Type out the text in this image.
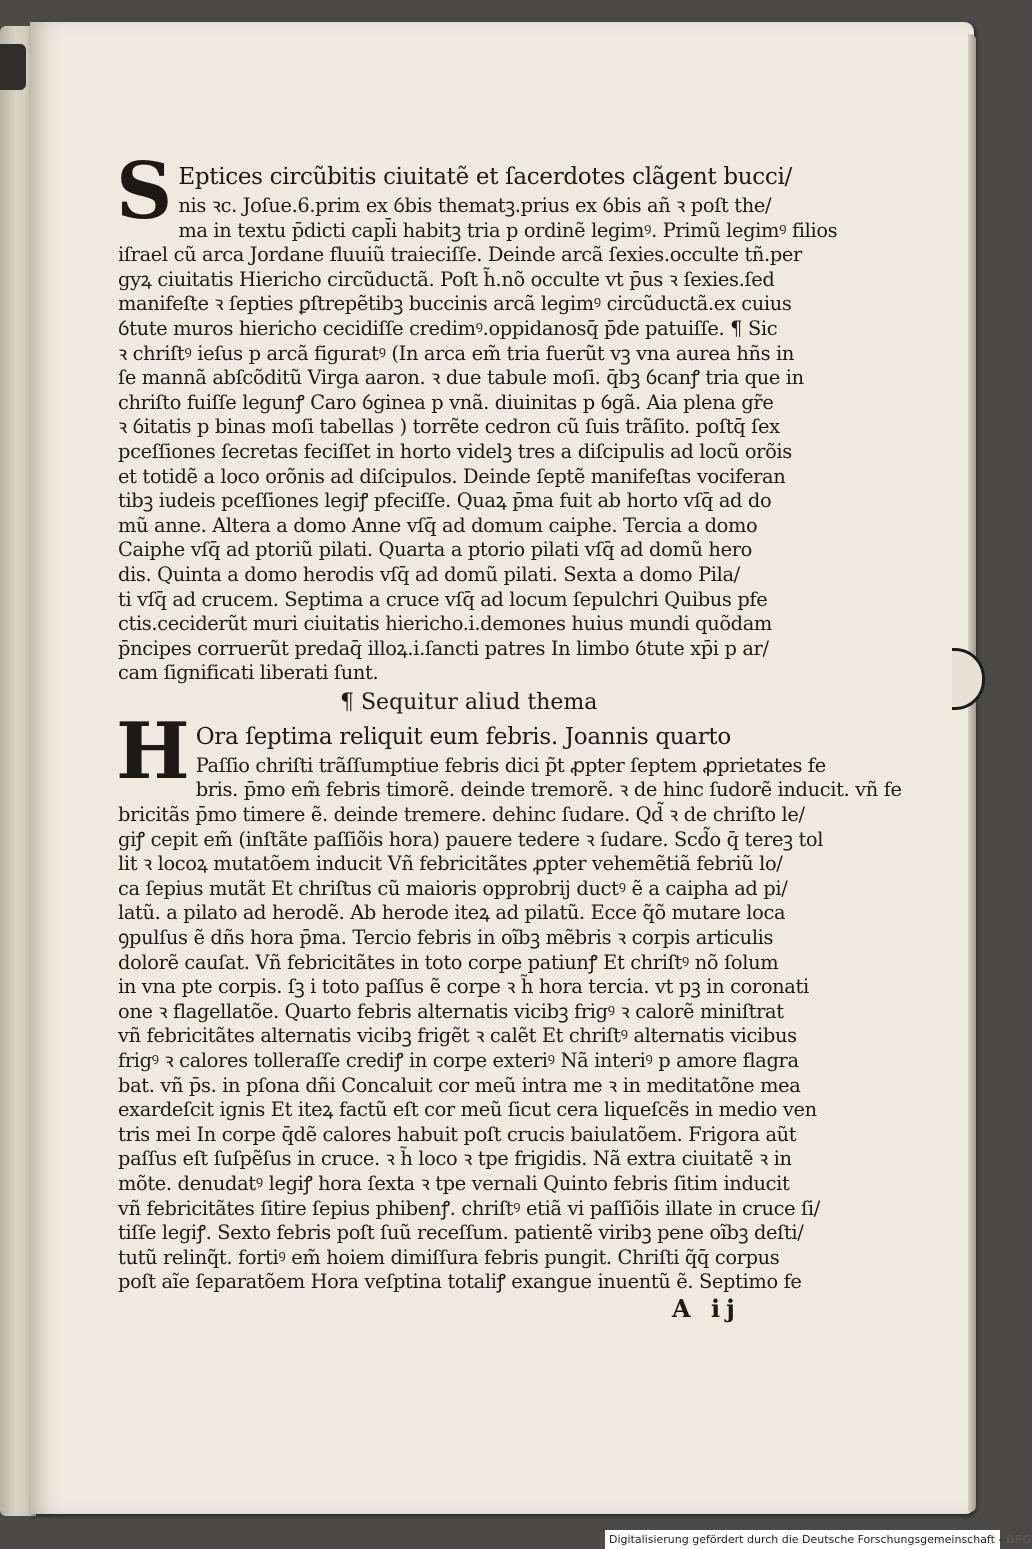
S Eptices circũbitis ciuitatẽ et ſacerdotes clãgent bucci/
nis ꝛc. Joſue.6.prim ex ỽbis thematꝫ.prius ex ỽbis añ ꝛ poſt the/
ma in textu p̄dicti capl̄i habitꝫ tria p ordinẽ legimꝰ. Primũ legimꝰ filios
iſrael cũ arca Jordane fluuiũ traieciſſe. Deinde arcã ſexies.occulte tñ.per
gyꝝ ciuitatis Hiericho circũductã. Poſt h̃.nõ occulte vt p̄us ꝛ ſexies.ſed
manifeſte ꝛ ſepties ꝑſtrepẽtibꝫ buccinis arcã legimꝰ circũductã.ex cuius
ỽtute muros hiericho cecidiſſe credimꝰ.oppidanosq̄ p̄de patuiſſe. ¶ Sic
ꝛ chriſtꝰ ieſus p arcã figuratꝰ (In arca em̃ tria fuerũt vꝫ vna aurea hñs in
ſe mannã abſcõditũ Virga aaron. ꝛ due tabule moſi. q̄bꝫ ỽcanꝭ tria que in
chriſto fuiſſe legunꝭ Caro ỽginea p vnã. diuinitas p ỽgã. Aia plena gr̃e
ꝛ ỽitatis p binas moſi tabellas ) torrẽte cedron cũ ſuis trãſito. poſtq̄ ſex
pceſſiones ſecretas feciſſet in horto videlꝫ tres a diſcipulis ad locũ orõis
et totidẽ a loco orõnis ad diſcipulos. Deinde ſeptẽ manifeſtas vociferan
tibꝫ iudeis pceſſiones legiꝭ pfeciſſe. Quaꝝ p̄ma fuit ab horto vſq̄ ad do
mũ anne. Altera a domo Anne vſq̄ ad domum caiphe. Tercia a domo
Caiphe vſq̄ ad ptoriũ pilati. Quarta a ptorio pilati vſq̄ ad domũ hero
dis. Quinta a domo herodis vſq̄ ad domũ pilati. Sexta a domo Pila/
ti vſq̄ ad crucem. Septima a cruce vſq̄ ad locum ſepulchri Quibus pfe
ctis.ceciderũt muri ciuitatis hiericho.i.demones huius mundi quõdam
p̄ncipes corruerũt predaq̄ illoꝝ.i.ſancti patres In limbo ỽtute xp̄i p ar/
cam ſignificati liberati ſunt.
¶ Sequitur aliud thema
H Ora ſeptima reliquit eum febris. Joannis quarto
Paſſio chriſti trãſſumptiue febris dici p̃t ꝓpter ſeptem ꝓprietates fe
bris. p̄mo em̃ febris timorẽ. deinde tremorẽ. ꝛ de hinc ſudorẽ inducit. vñ fe
bricitãs p̄mo timere ẽ. deinde tremere. dehinc ſudare. Qd̃ ꝛ de chriſto le/
giꝭ cepit em̃ (inſtãte paſſiõis hora) pauere tedere ꝛ ſudare. Scd̃o q̄ tereꝫ tol
lit ꝛ locoꝝ mutatõem inducit Vñ febricitãtes ꝓpter vehemẽtiã febriũ lo/
ca ſepius mutãt Et chriſtus cũ maioris opprobrij ductꝰ ẽ a caipha ad pi/
latũ. a pilato ad herodẽ. Ab herode iteꝝ ad pilatũ. Ecce q̃õ mutare loca
ꝯpulſus ẽ dñs hora p̄ma. Tercio febris in oĩbꝫ mẽbris ꝛ corpis articulis
dolorẽ cauſat. Vñ febricitãtes in toto corpe patiunꝭ Et chriſtꝰ nõ ſolum
in vna pte corpis. ſꝫ i toto paſſus ẽ corpe ꝛ h̃ hora tercia. vt pꝫ in coronati
one ꝛ flagellatõe. Quarto febris alternatis vicibꝫ frigꝰ ꝛ calorẽ miniſtrat
vñ febricitãtes alternatis vicibꝫ frigẽt ꝛ calẽt Et chriſtꝰ alternatis vicibus
frigꝰ ꝛ calores tolleraſſe crediꝭ in corpe exteriꝰ Nã interiꝰ p amore flagra
bat. vñ p̄s. in pſona dñi Concaluit cor meũ intra me ꝛ in meditatõne mea
exardeſcit ignis Et iteꝝ factũ eſt cor meũ ſicut cera liqueſcẽs in medio ven
tris mei In corpe q̄dẽ calores habuit poſt crucis baiulatõem. Frigora aũt
paſſus eſt ſuſpẽſus in cruce. ꝛ h̃ loco ꝛ tpe frigidis. Nã extra ciuitatẽ ꝛ in
mõte. denudatꝰ legiꝭ hora ſexta ꝛ tpe vernali Quinto febris ſitim inducit
vñ febricitãtes ſitire ſepius phibenꝭ. chriſtꝰ etiã vi paſſiõis illate in cruce ſi/
tiſſe legiꝭ. Sexto febris poſt ſuũ receſſum. patientẽ viribꝫ pene oĩbꝫ deſti/
tutũ relinq̃t. fortiꝰ em̃ hoiem dimiſſura febris pungit. Chriſti q̃q̄ corpus
poſt aĩe ſeparatõem Hora veſptina totaliꝭ exangue inuentũ ẽ. Septimo fe
A ij
Digitalisierung gefördert durch die Deutsche Forschungsgemeinschaft - DFG
